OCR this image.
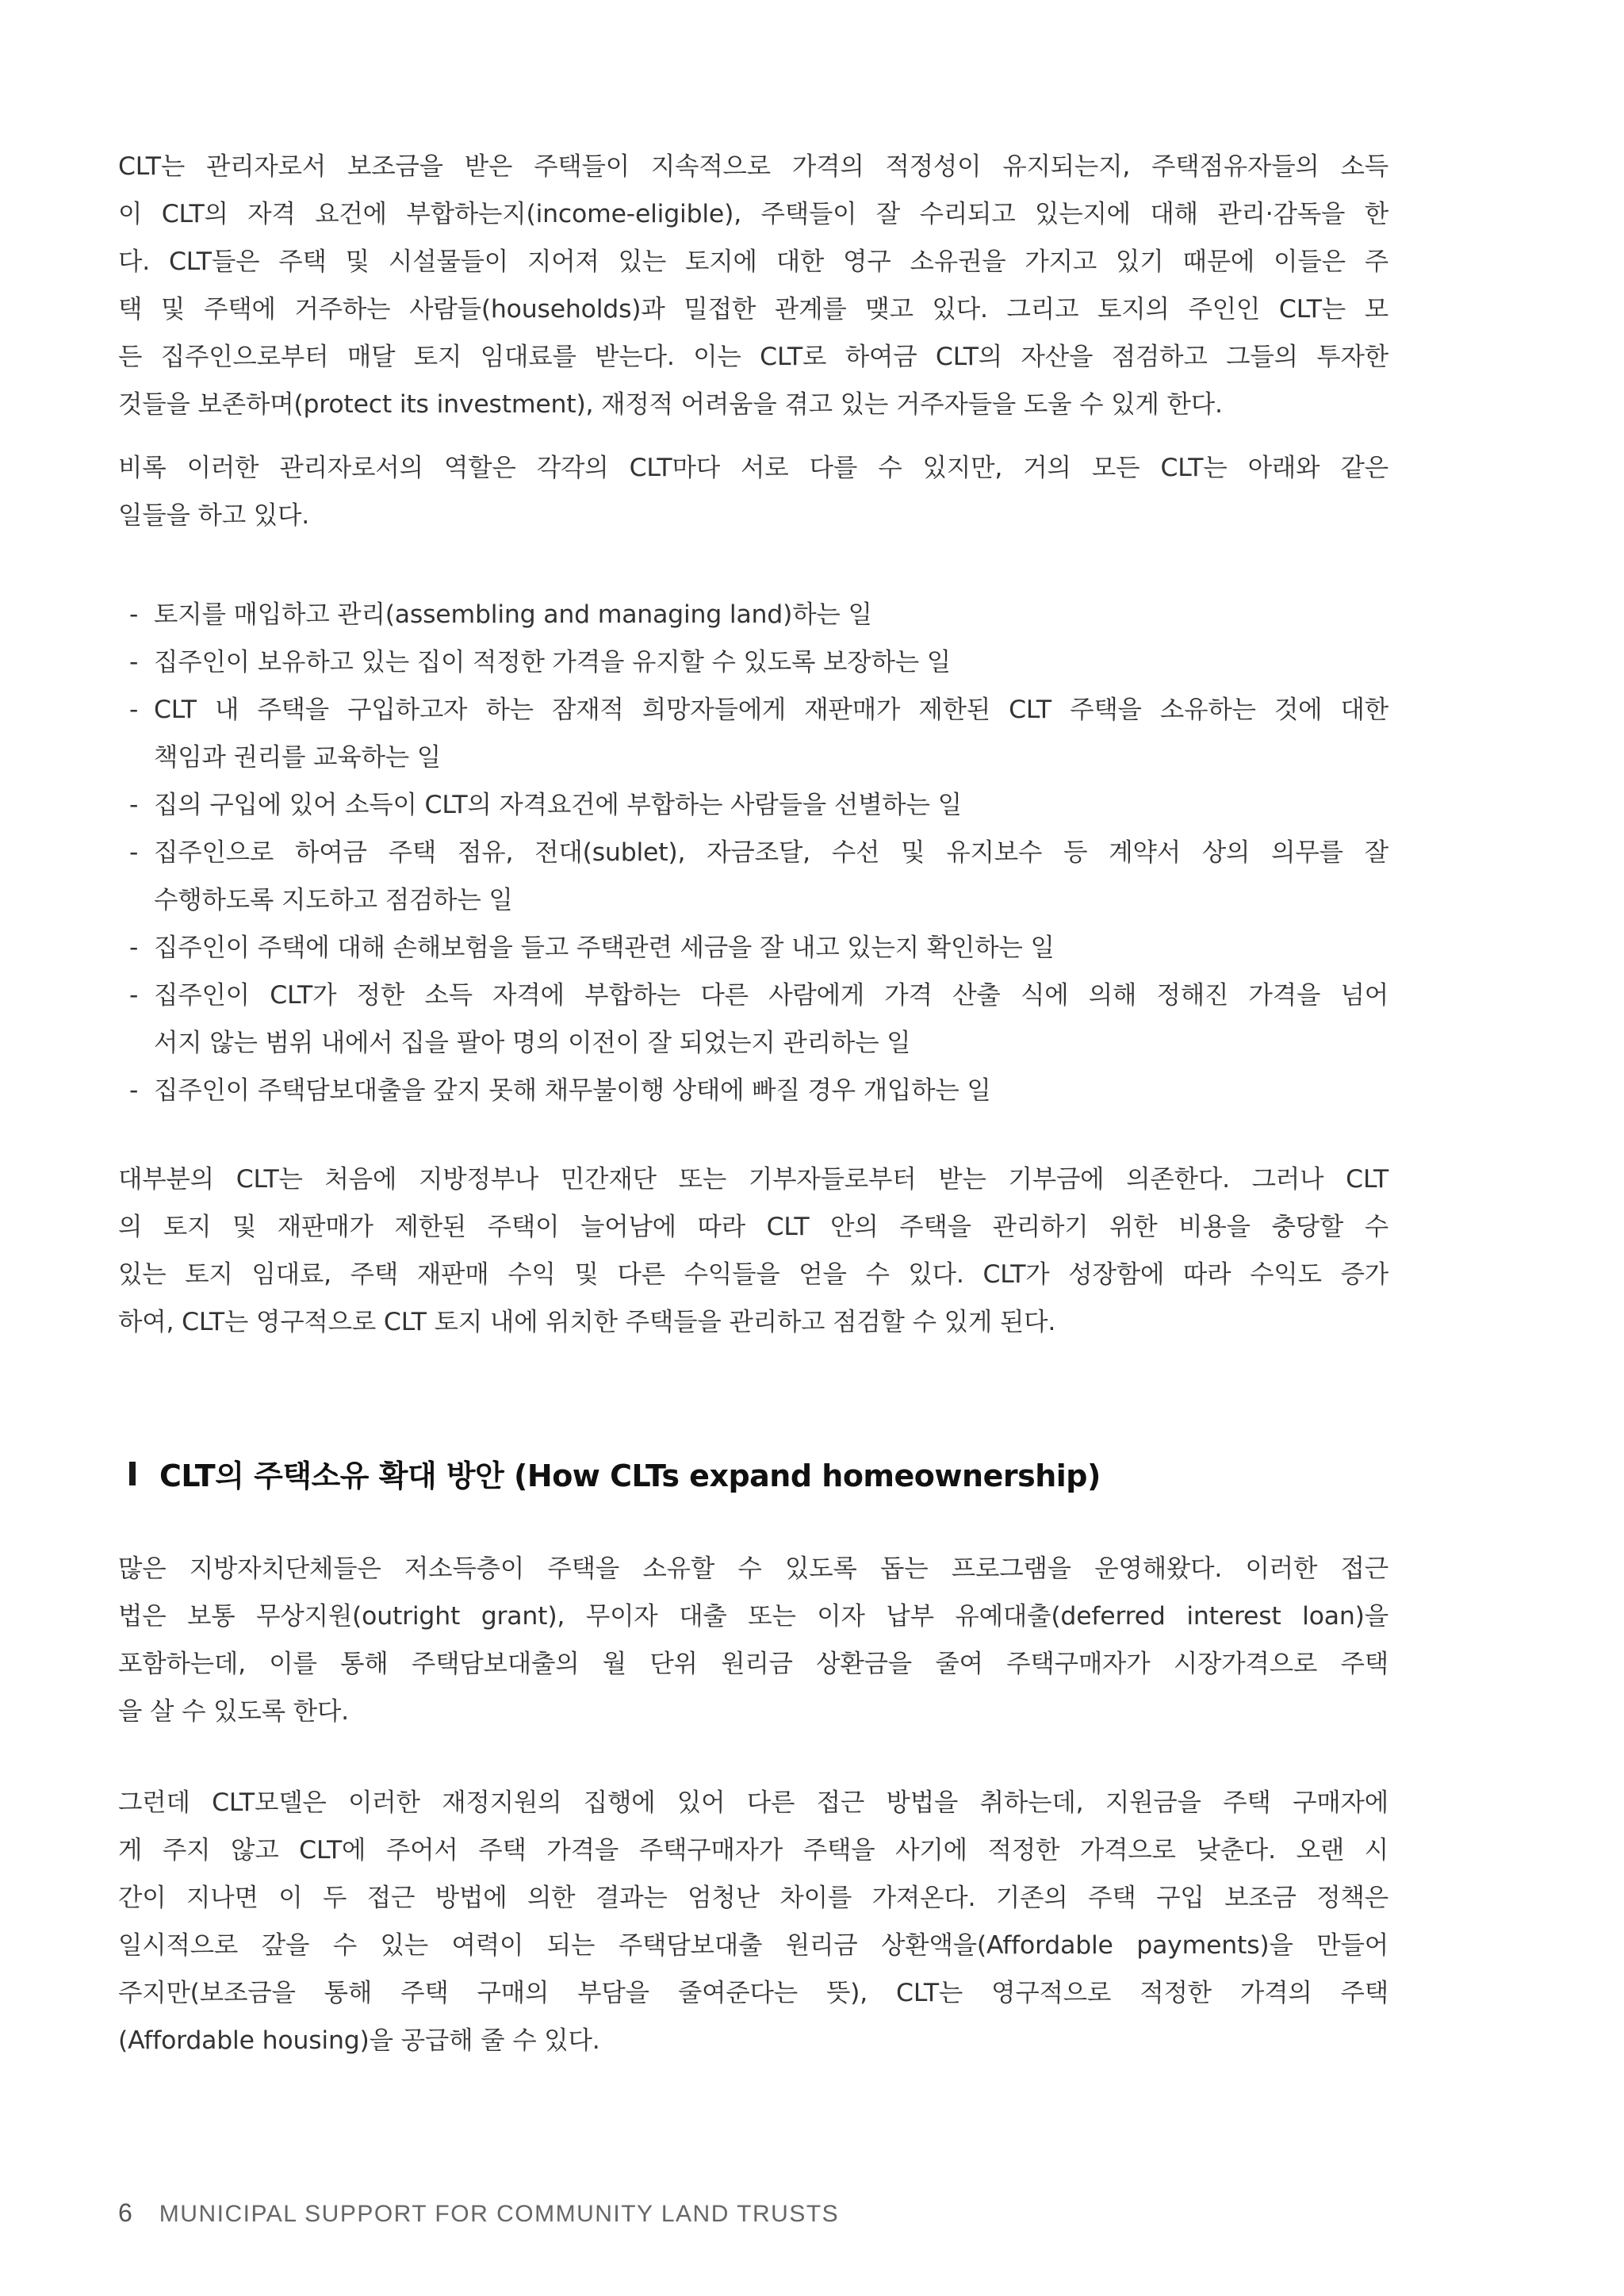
CLT는 관리자로서 보조금을 받은 주택들이 지속적으로 가격의 적정성이 유지되는지, 주택점유자들의 소득
이 CLT의 자격 요건에 부합하는지(income-eligible), 주택들이 잘 수리되고 있는지에 대해 관리·감독을 한
다. CLT들은 주택 및 시설물들이 지어져 있는 토지에 대한 영구 소유권을 가지고 있기 때문에 이들은 주
택 및 주택에 거주하는 사람들(households)과 밀접한 관계를 맺고 있다. 그리고 토지의 주인인 CLT는 모
든 집주인으로부터 매달 토지 임대료를 받는다. 이는 CLT로 하여금 CLT의 자산을 점검하고 그들의 투자한
것들을 보존하며(protect its investment), 재정적 어려움을 겪고 있는 거주자들을 도울 수 있게 한다.

비록 이러한 관리자로서의 역할은 각각의 CLT마다 서로 다를 수 있지만, 거의 모든 CLT는 아래와 같은
일들을 하고 있다.

- 토지를 매입하고 관리(assembling and managing land)하는 일
- 집주인이 보유하고 있는 집이 적정한 가격을 유지할 수 있도록 보장하는 일
- CLT 내 주택을 구입하고자 하는 잠재적 희망자들에게 재판매가 제한된 CLT 주택을 소유하는 것에 대한
책임과 권리를 교육하는 일
- 집의 구입에 있어 소득이 CLT의 자격요건에 부합하는 사람들을 선별하는 일
- 집주인으로 하여금 주택 점유, 전대(sublet), 자금조달, 수선 및 유지보수 등 계약서 상의 의무를 잘
수행하도록 지도하고 점검하는 일
- 집주인이 주택에 대해 손해보험을 들고 주택관련 세금을 잘 내고 있는지 확인하는 일
- 집주인이 CLT가 정한 소득 자격에 부합하는 다른 사람에게 가격 산출 식에 의해 정해진 가격을 넘어
서지 않는 범위 내에서 집을 팔아 명의 이전이 잘 되었는지 관리하는 일
- 집주인이 주택담보대출을 갚지 못해 채무불이행 상태에 빠질 경우 개입하는 일

대부분의 CLT는 처음에 지방정부나 민간재단 또는 기부자들로부터 받는 기부금에 의존한다. 그러나 CLT
의 토지 및 재판매가 제한된 주택이 늘어남에 따라 CLT 안의 주택을 관리하기 위한 비용을 충당할 수
있는 토지 임대료, 주택 재판매 수익 및 다른 수익들을 얻을 수 있다. CLT가 성장함에 따라 수익도 증가
하여, CLT는 영구적으로 CLT 토지 내에 위치한 주택들을 관리하고 점검할 수 있게 된다.

CLT의 주택소유 확대 방안 (How CLTs expand homeownership)

많은 지방자치단체들은 저소득층이 주택을 소유할 수 있도록 돕는 프로그램을 운영해왔다. 이러한 접근
법은 보통 무상지원(outright grant), 무이자 대출 또는 이자 납부 유예대출(deferred interest loan)을
포함하는데, 이를 통해 주택담보대출의 월 단위 원리금 상환금을 줄여 주택구매자가 시장가격으로 주택
을 살 수 있도록 한다.

그런데 CLT모델은 이러한 재정지원의 집행에 있어 다른 접근 방법을 취하는데, 지원금을 주택 구매자에
게 주지 않고 CLT에 주어서 주택 가격을 주택구매자가 주택을 사기에 적정한 가격으로 낮춘다. 오랜 시
간이 지나면 이 두 접근 방법에 의한 결과는 엄청난 차이를 가져온다. 기존의 주택 구입 보조금 정책은
일시적으로 갚을 수 있는 여력이 되는 주택담보대출 원리금 상환액을(Affordable payments)을 만들어
주지만(보조금을 통해 주택 구매의 부담을 줄여준다는 뜻), CLT는 영구적으로 적정한 가격의 주택
(Affordable housing)을 공급해 줄 수 있다.

6 MUNICIPAL SUPPORT FOR COMMUNITY LAND TRUSTS
